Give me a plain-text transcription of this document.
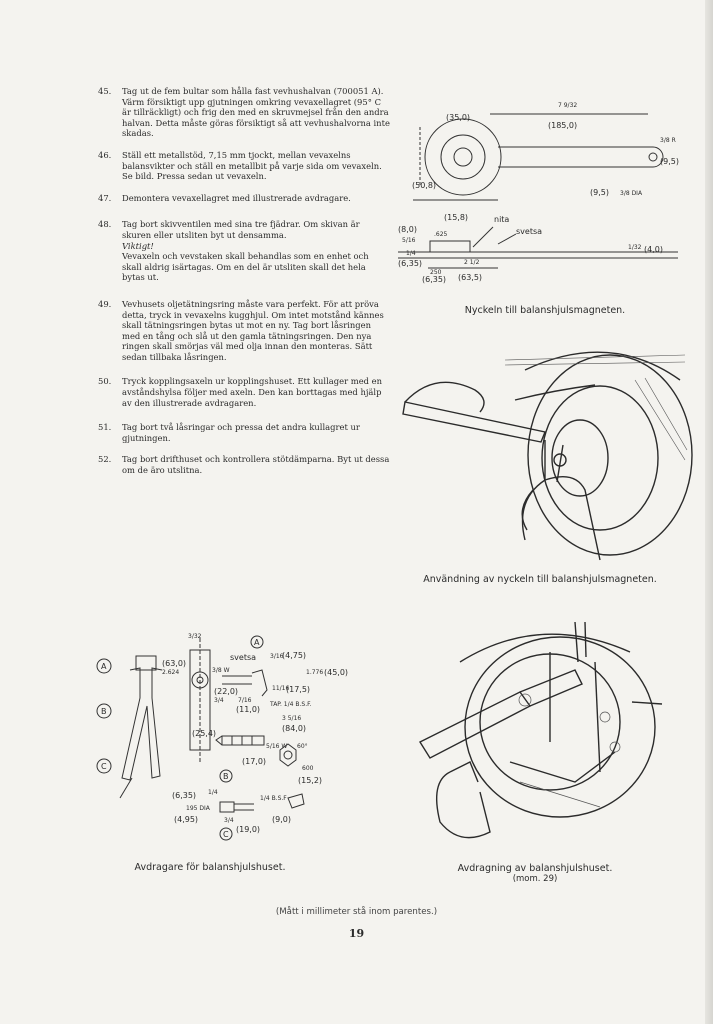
45.	Tag ut de fem bultar som hålla fast vevhushalvan (700051 A). Värm försiktigt upp gjutningen omkring vevaxellagret (95° C är tillräckligt) och frig den med en skruvmejsel från den andra halvan. Detta måste göras försiktigt så att vevhushalvorna inte skadas.

46.	Ställ ett metallstöd, 7,15 mm tjockt, mellan vevaxelns balansvikter och ställ en metallbit på varje sida om vevaxeln. Se bild. Pressa sedan ut vevaxeln.

47.	Demontera vevaxellagret med illustrerade avdragare.

48.	Tag bort skivventilen med sina tre fjädrar. Om skivan är skuren eller utsliten byt ut densamma.

Viktigt!

Vevaxeln och vevstaken skall behandlas som en enhet och skall aldrig isärtagas. Om en del är utsliten skall det hela bytas ut.

49.	Vevhusets oljetätningsring måste vara perfekt. För att pröva detta, tryck in vevaxelns kugghjul. Om intet motstånd kännes skall tätningsringen bytas ut mot en ny. Tag bort låsringen med en tång och slå ut den gamla tätningsringen. Den nya ringen skall smörjas väl med olja innan den monteras. Sätt sedan tillbaka låsringen.

50.	Tryck kopplingsaxeln ur kopplingshuset. Ett kullager med en avståndshylsa följer med axeln. Den kan borttagas med hjälp av den illustrerade avdragaren.

51.	Tag bort två låsringar och pressa det andra kullagret ur gjutningen.

52.	Tag bort drifthuset och kontrollera stötdämparna. Byt ut dessa om de äro utslitna.

(35,0)
7 9/32
(185,0)
3/8 R
(9,5)
(50,8)
(9,5) 3/8 DIA
(15,8)	nita
(8,0)
5/16
.625	svetsa
1/32 (4,0)
1/4
(6,35)
250
2 1/2
(6,35) (63,5)
Nyckeln till balanshjulsmagneten.
Användning av nyckeln till balanshjulsmagneten.
A
B
C
3/32
svetsa
A
3/16
(4,75)
(63,0)
2.624	1.776 (45,0)
3/8 W
(22,0)
3/4
11/16
(17,5)
7/16
(11,0)
TAP. 1/4 B.S.F.
3 5/16
(84,0)
(25,4)
5/16 W
(17,0)
60°
600
(15,2)
B
(6,35) 1/4
1/4 B.S.F
195 DIA
3/4
(4,95)
(19,0)
C
(9,0)
Avdragare för balanshjulshuset.	Avdragning av balanshjulshuset.
(mom. 29)
(Mått i millimeter stå inom parentes.)
19
